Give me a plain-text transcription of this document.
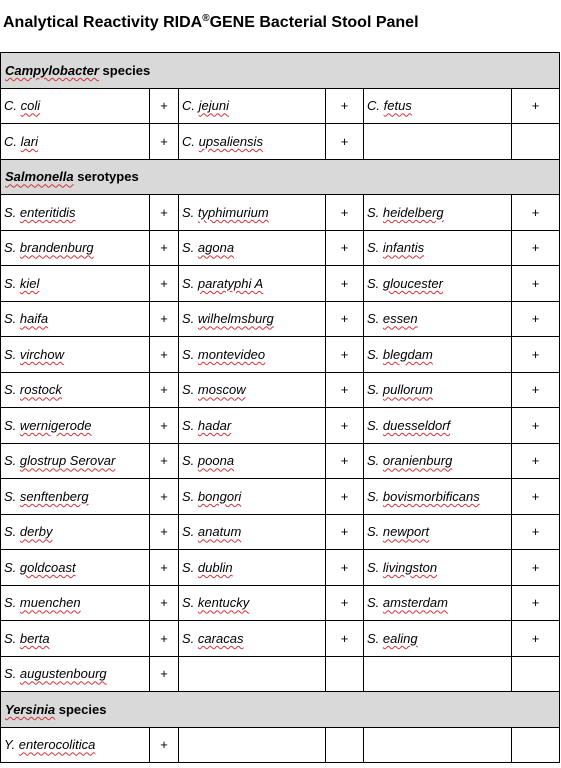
Analytical Reactivity RIDA®GENE Bacterial Stool Panel
Campylobacter species					
C. coli	+	C. jejuni	+	C. fetus	+
C. lari	+	C. upsaliensis	+		
Salmonella serotypes					
S. enteritidis	+	S. typhimurium	+	S. heidelberg	+
S. brandenburg	+	S. agona	+	S. infantis	+
S. kiel	+	S. paratyphi A	+	S. gloucester	+
S. haifa	+	S. wilhelmsburg	+	S. essen	+
S. virchow	+	S. montevideo	+	S. blegdam	+
S. rostock	+	S. moscow	+	S. pullorum	+
S. wernigerode	+	S. hadar	+	S. duesseldorf	+
S. glostrup Serovar	+	S. poona	+	S. oranienburg	+
S. senftenberg	+	S. bongori	+	S. bovismorbificans	+
S. derby	+	S. anatum	+	S. newport	+
S. goldcoast	+	S. dublin	+	S. livingston	+
S. muenchen	+	S. kentucky	+	S. amsterdam	+
S. berta	+	S. caracas	+	S. ealing	+
S. augustenbourg	+				
Yersinia species					
Y. enterocolitica	+				
